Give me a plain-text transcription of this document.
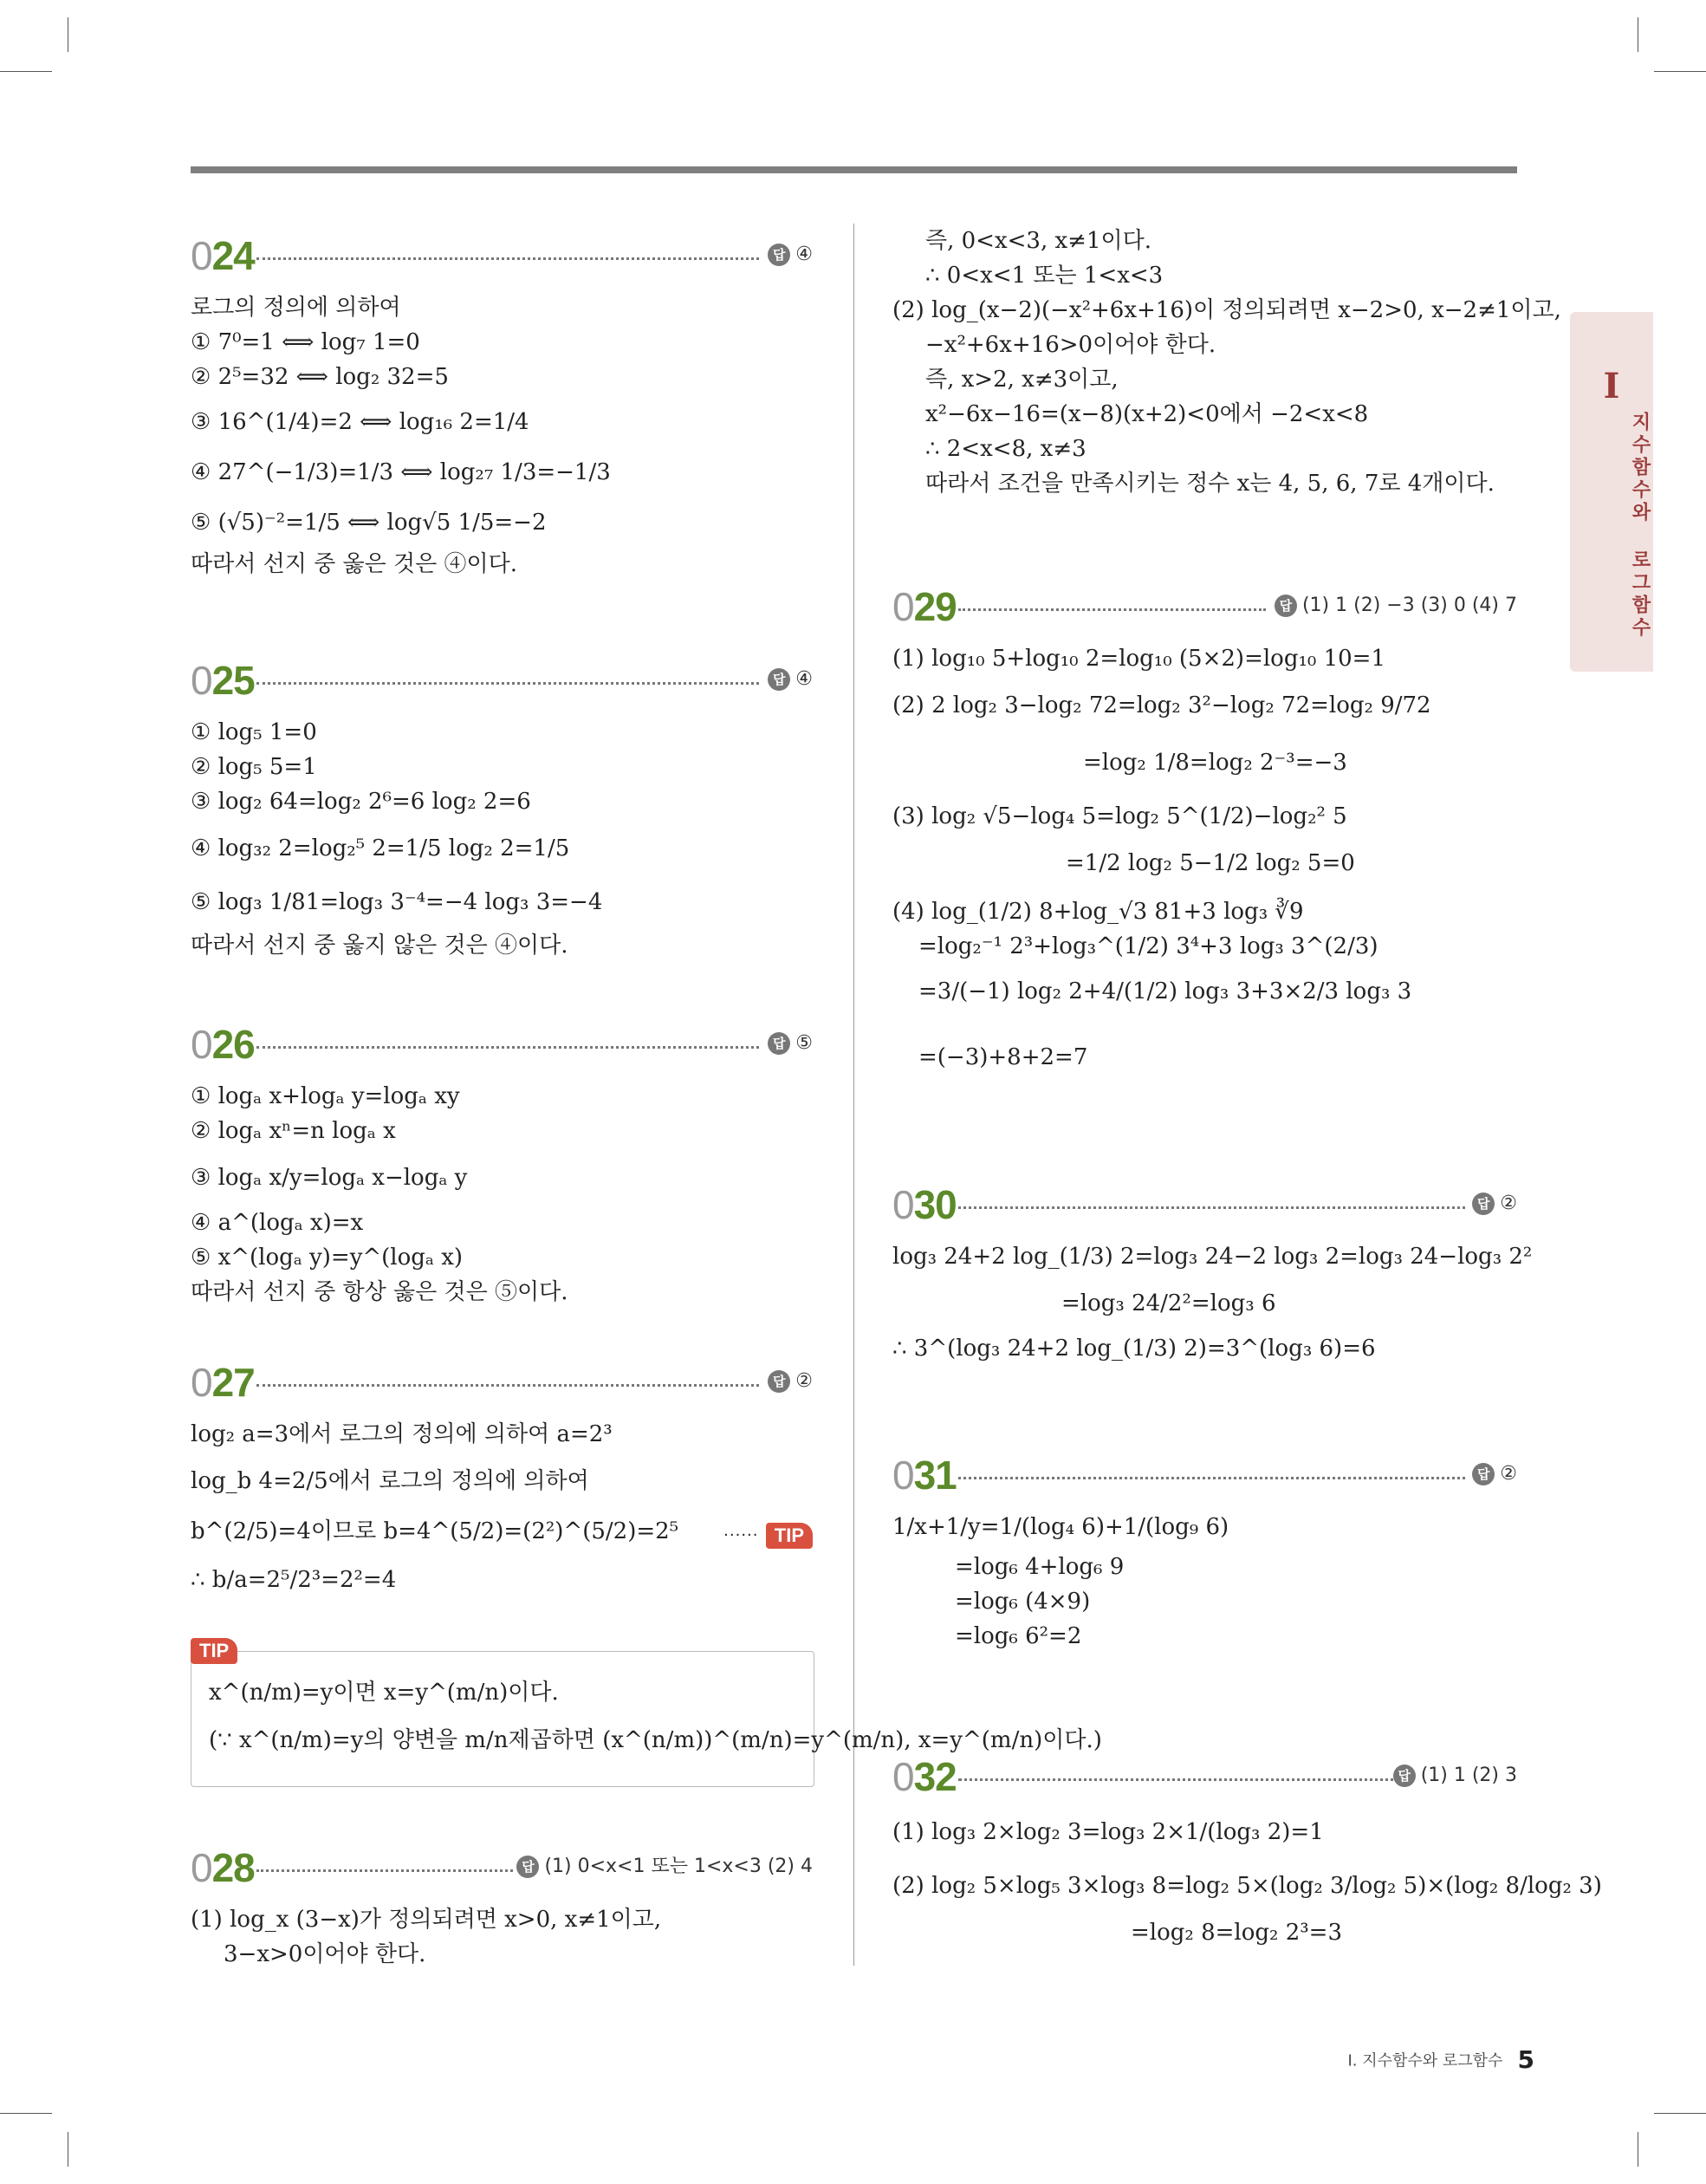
I
지수함수와 로그함수
024	답 ④
로그의 정의에 의하여
① 7⁰=1 ⟺ log₇ 1=0
② 2⁵=32 ⟺ log₂ 32=5
③ 16^(1/4)=2 ⟺ log₁₆ 2=1/4
④ 27^(−1/3)=1/3 ⟺ log₂₇ 1/3=−1/3
⑤ (√5)⁻²=1/5 ⟺ log√5 1/5=−2
따라서 선지 중 옳은 것은 ④이다.
025	답 ④
① log₅ 1=0
② log₅ 5=1
③ log₂ 64=log₂ 2⁶=6 log₂ 2=6
④ log₃₂ 2=log₂⁵ 2=1/5 log₂ 2=1/5
⑤ log₃ 1/81=log₃ 3⁻⁴=−4 log₃ 3=−4
따라서 선지 중 옳지 않은 것은 ④이다.
026	답 ⑤
① logₐ x+logₐ y=logₐ xy
② logₐ xⁿ=n logₐ x
③ logₐ x/y=logₐ x−logₐ y
④ a^(logₐ x)=x
⑤ x^(logₐ y)=y^(logₐ x)
따라서 선지 중 항상 옳은 것은 ⑤이다.
027	답 ②
log₂ a=3에서 로그의 정의에 의하여 a=2³
log_b 4=2/5에서 로그의 정의에 의하여
b^(2/5)=4이므로 b=4^(5/2)=(2²)^(5/2)=2⁵	······ TIP
∴ b/a=2⁵/2³=2²=4
TIP
x^(n/m)=y이면 x=y^(m/n)이다.
(∵ x^(n/m)=y의 양변을 m/n제곱하면 (x^(n/m))^(m/n)=y^(m/n), x=y^(m/n)이다.)
028	답 (1) 0<x<1 또는 1<x<3 (2) 4
(1) log_x (3−x)가 정의되려면 x>0, x≠1이고,
3−x>0이어야 한다.
즉, 0<x<3, x≠1이다.
∴ 0<x<1 또는 1<x<3
(2) log_(x−2)(−x²+6x+16)이 정의되려면 x−2>0, x−2≠1이고,
−x²+6x+16>0이어야 한다.
즉, x>2, x≠3이고,
x²−6x−16=(x−8)(x+2)<0에서 −2<x<8
∴ 2<x<8, x≠3
따라서 조건을 만족시키는 정수 x는 4, 5, 6, 7로 4개이다.
029	답 (1) 1 (2) −3 (3) 0 (4) 7
(1) log₁₀ 5+log₁₀ 2=log₁₀ (5×2)=log₁₀ 10=1
(2) 2 log₂ 3−log₂ 72=log₂ 3²−log₂ 72=log₂ 9/72
=log₂ 1/8=log₂ 2⁻³=−3
(3) log₂ √5−log₄ 5=log₂ 5^(1/2)−log₂² 5
=1/2 log₂ 5−1/2 log₂ 5=0
(4) log_(1/2) 8+log_√3 81+3 log₃ ∛9
=log₂⁻¹ 2³+log₃^(1/2) 3⁴+3 log₃ 3^(2/3)
=3/(−1) log₂ 2+4/(1/2) log₃ 3+3×2/3 log₃ 3
=(−3)+8+2=7
030	답 ②
log₃ 24+2 log_(1/3) 2=log₃ 24−2 log₃ 2=log₃ 24−log₃ 2²
=log₃ 24/2²=log₃ 6
∴ 3^(log₃ 24+2 log_(1/3) 2)=3^(log₃ 6)=6
031	답 ②
1/x+1/y=1/(log₄ 6)+1/(log₉ 6)
=log₆ 4+log₆ 9
=log₆ (4×9)
=log₆ 6²=2
032	답 (1) 1 (2) 3
(1) log₃ 2×log₂ 3=log₃ 2×1/(log₃ 2)=1
(2) log₂ 5×log₅ 3×log₃ 8=log₂ 5×(log₂ 3/log₂ 5)×(log₂ 8/log₂ 3)
=log₂ 8=log₂ 2³=3
I. 지수함수와 로그함수 5
